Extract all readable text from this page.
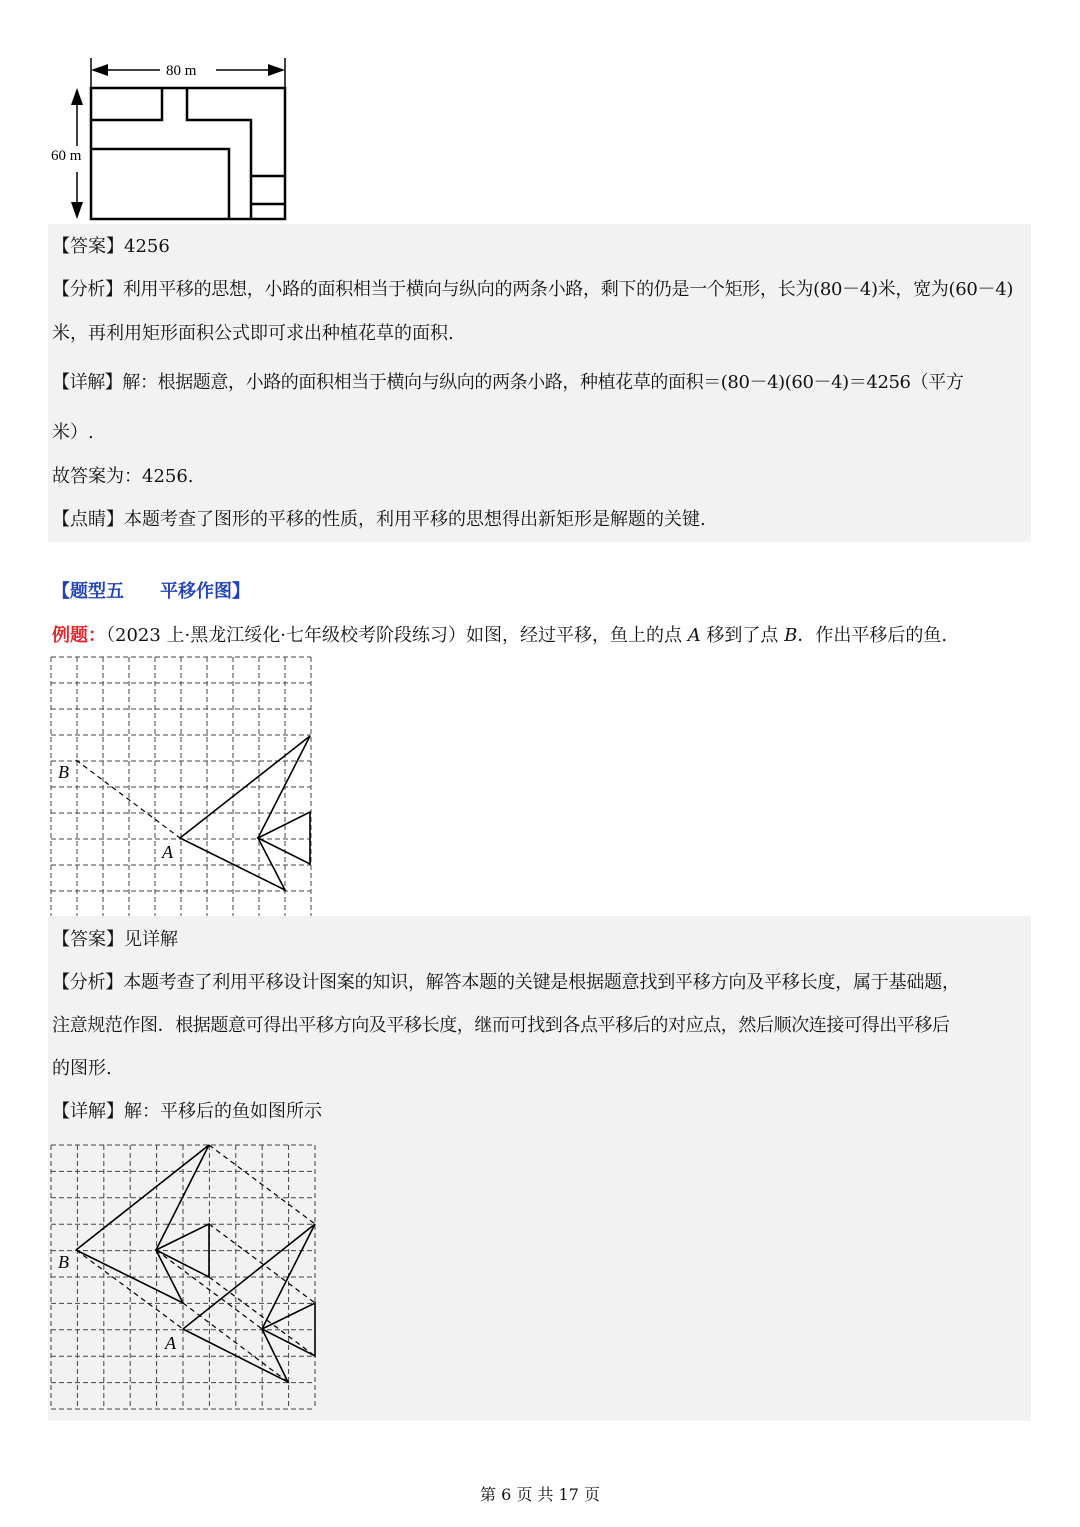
80 m
60 m
【答案】4256
【分析】利用平移的思想，小路的面积相当于横向与纵向的两条小路，剩下的仍是一个矩形，长为(80－4)米，宽为(60－4)
米，再利用矩形面积公式即可求出种植花草的面积.
【详解】解：根据题意，小路的面积相当于横向与纵向的两条小路，种植花草的面积＝(80－4)(60－4)＝4256（平方
米）.
故答案为：4256.
【点睛】本题考查了图形的平移的性质，利用平移的思想得出新矩形是解题的关键.
【题型五　　平移作图】
例题：（2023 上·黑龙江绥化·七年级校考阶段练习）如图，经过平移，鱼上的点 A 移到了点 B．作出平移后的鱼.
B
A
【答案】见详解
【分析】本题考查了利用平移设计图案的知识，解答本题的关键是根据题意找到平移方向及平移长度，属于基础题，
注意规范作图．根据题意可得出平移方向及平移长度，继而可找到各点平移后的对应点，然后顺次连接可得出平移后
的图形.
【详解】解：平移后的鱼如图所示
B
A
第 6 页 共 17 页
